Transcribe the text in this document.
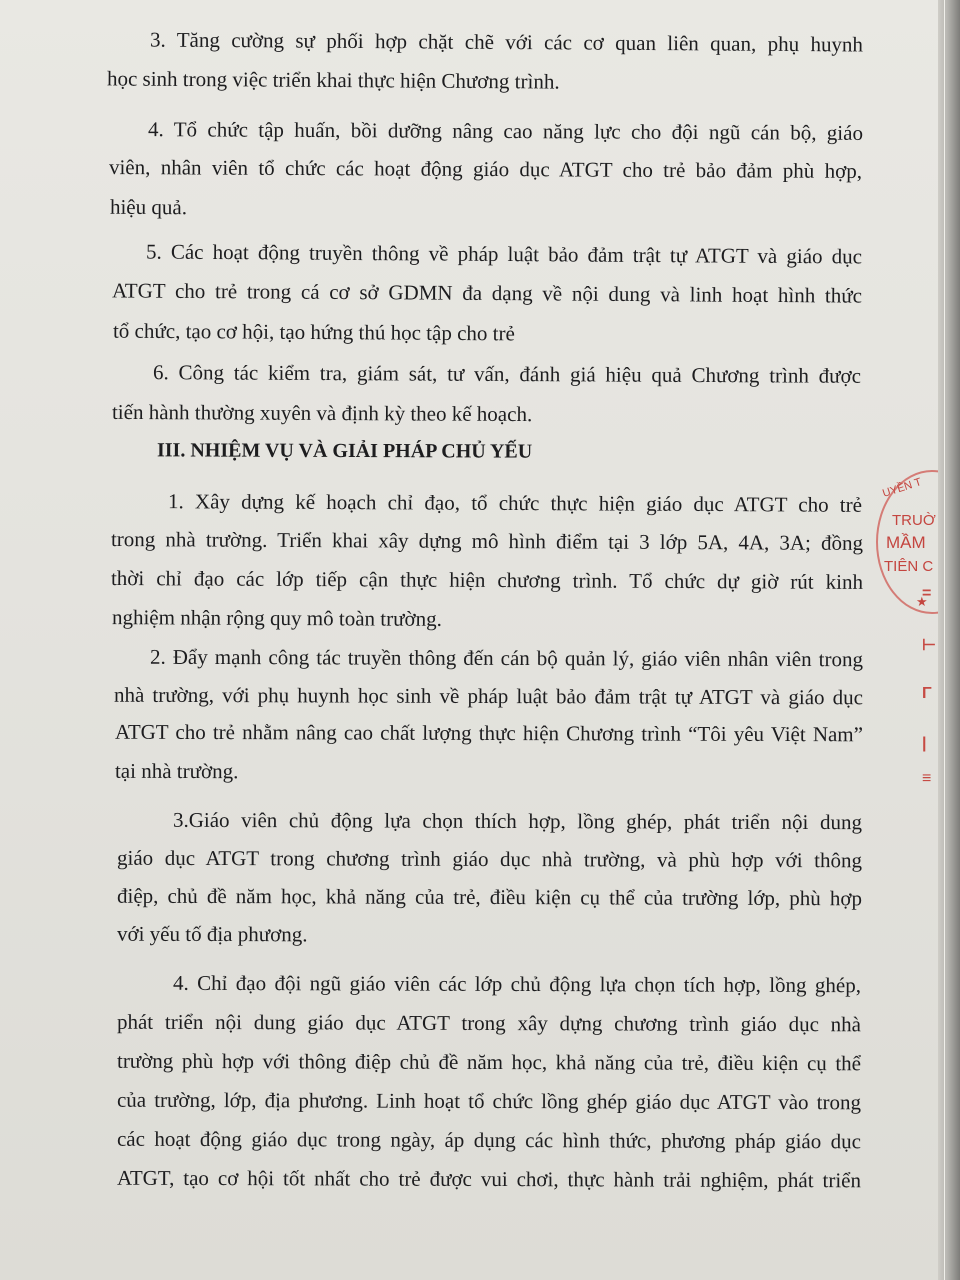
3. Tăng cường sự phối hợp chặt chẽ với các cơ quan liên quan, phụ huynh
học sinh trong việc triển khai thực hiện Chương trình.
4. Tổ chức tập huấn, bồi dưỡng nâng cao năng lực cho đội ngũ cán bộ, giáo
viên, nhân viên tổ chức các hoạt động giáo dục ATGT cho trẻ bảo đảm phù hợp,
hiệu quả.
5. Các hoạt động truyền thông về pháp luật bảo đảm trật tự ATGT và giáo dục
ATGT cho trẻ trong cá cơ sở GDMN đa dạng về nội dung và linh hoạt hình thức
tổ chức, tạo cơ hội, tạo hứng thú học tập cho trẻ
6. Công tác kiểm tra, giám sát, tư vấn, đánh giá hiệu quả Chương trình được
tiến hành thường xuyên và định kỳ theo kế hoạch.
III. NHIỆM VỤ VÀ GIẢI PHÁP CHỦ YẾU
1. Xây dựng kế hoạch chỉ đạo, tổ chức thực hiện giáo dục ATGT cho trẻ
trong nhà trường. Triển khai xây dựng mô hình điểm tại 3 lớp 5A, 4A, 3A; đồng
thời chỉ đạo các lớp tiếp cận thực hiện chương trình. Tổ chức dự giờ rút kinh
nghiệm nhận rộng quy mô toàn trường.
2. Đẩy mạnh công tác truyền thông đến cán bộ quản lý, giáo viên nhân viên trong
nhà trường, với phụ huynh học sinh về pháp luật bảo đảm trật tự ATGT và giáo dục
ATGT cho trẻ nhằm nâng cao chất lượng thực hiện Chương trình “Tôi yêu Việt Nam”
tại nhà trường.
3.Giáo viên chủ động lựa chọn thích hợp, lồng ghép, phát triển nội dung
giáo dục ATGT trong chương trình giáo dục nhà trường, và phù hợp với thông
điệp, chủ đề năm học, khả năng của trẻ, điều kiện cụ thể của trường lớp, phù hợp
với yếu tố địa phương.
4. Chỉ đạo đội ngũ giáo viên các lớp chủ động lựa chọn tích hợp, lồng ghép,
phát triển nội dung giáo dục ATGT trong xây dựng chương trình giáo dục nhà
trường phù hợp với thông điệp chủ đề năm học, khả năng của trẻ, điều kiện cụ thể
của trường, lớp, địa phương. Linh hoạt tổ chức lồng ghép giáo dục ATGT vào trong
các hoạt động giáo dục trong ngày, áp dụng các hình thức, phương pháp giáo dục
ATGT, tạo cơ hội tốt nhất cho trẻ được vui chơi, thực hành trải nghiệm, phát triển
UYỀN T
TRUỜ
MẦM
TIÊN C
★
=
⊢
Γ
|
≡
